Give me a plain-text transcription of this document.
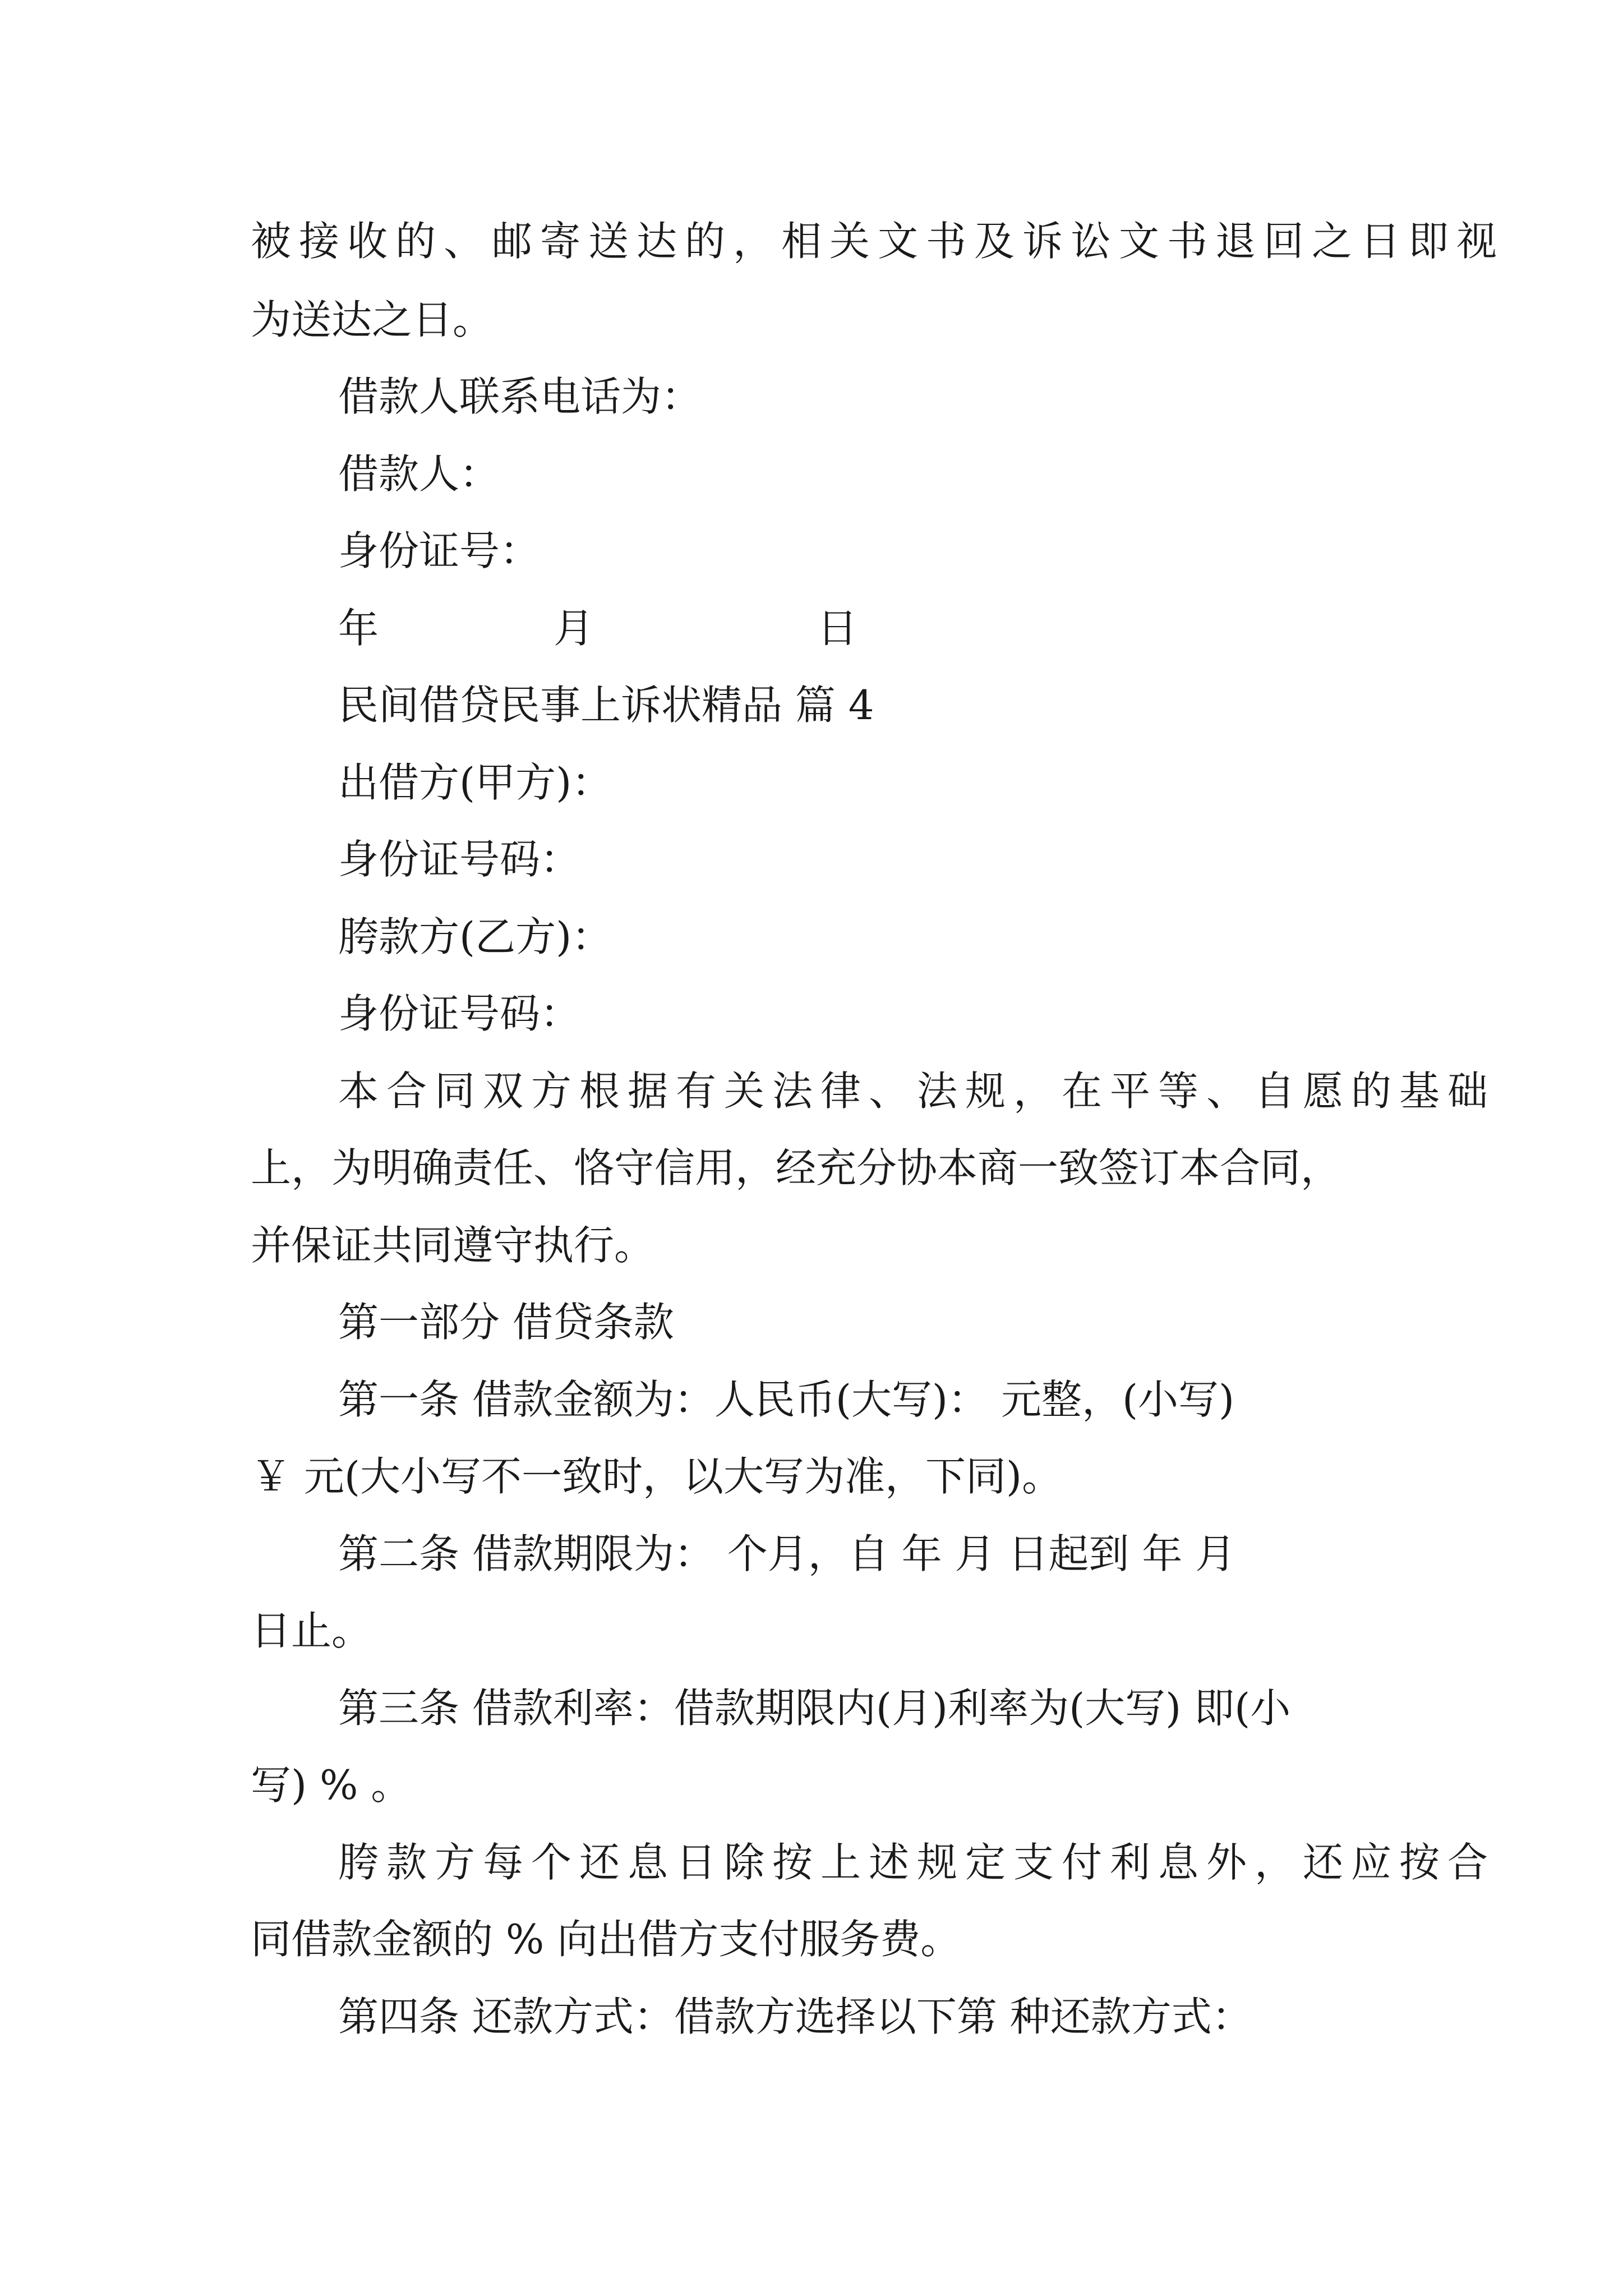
被接收的、邮寄送达的，相关文书及诉讼文书退回之日即视

为送达之日。

借款人联系电话为：

借款人：

身份证号：

年	月	日

民间借贷民事上诉状精品 篇 4

出借方(甲方)：

身份证号码：

胯款方(乙方)：

身份证号码：

本合同双方根据有关法律、法规，在平等、自愿的基础

上，为明确责任、恪守信用，经充分协本商一致签订本合同，

并保证共同遵守执行。

第一部分 借贷条款

第一条 借款金额为：人民币(大写)： 元整，(小写)

￥ 元(大小写不一致时，以大写为准，下同)。

第二条 借款期限为： 个月，自 年 月 日起到 年 月

日止。

第三条 借款利率：借款期限内(月)利率为(大写) 即(小

写) % 。

胯款方每个还息日除按上述规定支付利息外，还应按合

同借款金额的 % 向出借方支付服务费。

第四条 还款方式：借款方选择以下第 种还款方式：
